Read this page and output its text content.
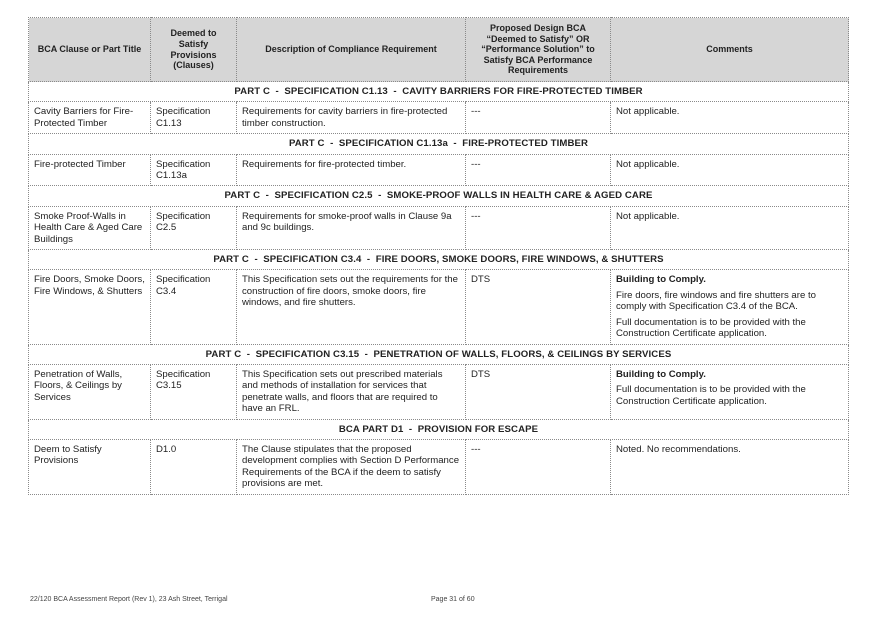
BCA Clause or Part Title	Deemed to Satisfy Provisions (Clauses)	Description of Compliance Requirement	Proposed Design BCA “Deemed to Satisfy” OR “Performance Solution” to Satisfy BCA Performance Requirements	Comments
PART C  -  SPECIFICATION C1.13  -  CAVITY BARRIERS FOR FIRE-PROTECTED TIMBER				
Cavity Barriers for Fire-Protected Timber	Specification C1.13	Requirements for cavity barriers in fire-protected timber construction.	---	Not applicable.

PART C  -  SPECIFICATION C1.13a  -  FIRE-PROTECTED TIMBER				
Fire-protected Timber	Specification C1.13a	Requirements for fire-protected timber.	---	Not applicable.

PART C  -  SPECIFICATION C2.5  -  SMOKE-PROOF WALLS IN HEALTH CARE & AGED CARE				
Smoke Proof-Walls in Health Care & Aged Care Buildings	Specification C2.5	Requirements for smoke-proof walls in Clause 9a and 9c buildings.	---	Not applicable.

PART C  -  SPECIFICATION C3.4  -  FIRE DOORS, SMOKE DOORS, FIRE WINDOWS, & SHUTTERS				
Fire Doors, Smoke Doors, Fire Windows, & Shutters	Specification C3.4	This Specification sets out the requirements for the construction of fire doors, smoke doors, fire windows, and fire shutters.	DTS	Building to Comply.

Fire doors, fire windows and fire shutters are to comply with Specification C3.4 of the BCA.

Full documentation is to be provided with the Construction Certificate application.

PART C  -  SPECIFICATION C3.15  -  PENETRATION OF WALLS, FLOORS, & CEILINGS BY SERVICES				
Penetration of Walls, Floors, & Ceilings by Services	Specification C3.15	This Specification sets out prescribed materials and methods of installation for services that penetrate walls, and floors that are required to have an FRL.	DTS	Building to Comply.

Full documentation is to be provided with the Construction Certificate application.

BCA PART D1  -  PROVISION FOR ESCAPE				
Deem to Satisfy Provisions	D1.0	The Clause stipulates that the proposed development complies with Section D Performance Requirements of the BCA if the deem to satisfy provisions are met.	---	Noted. No recommendations.

22/120 BCA Assessment Report (Rev 1), 23 Ash Street, Terrigal	Page 31 of 60
